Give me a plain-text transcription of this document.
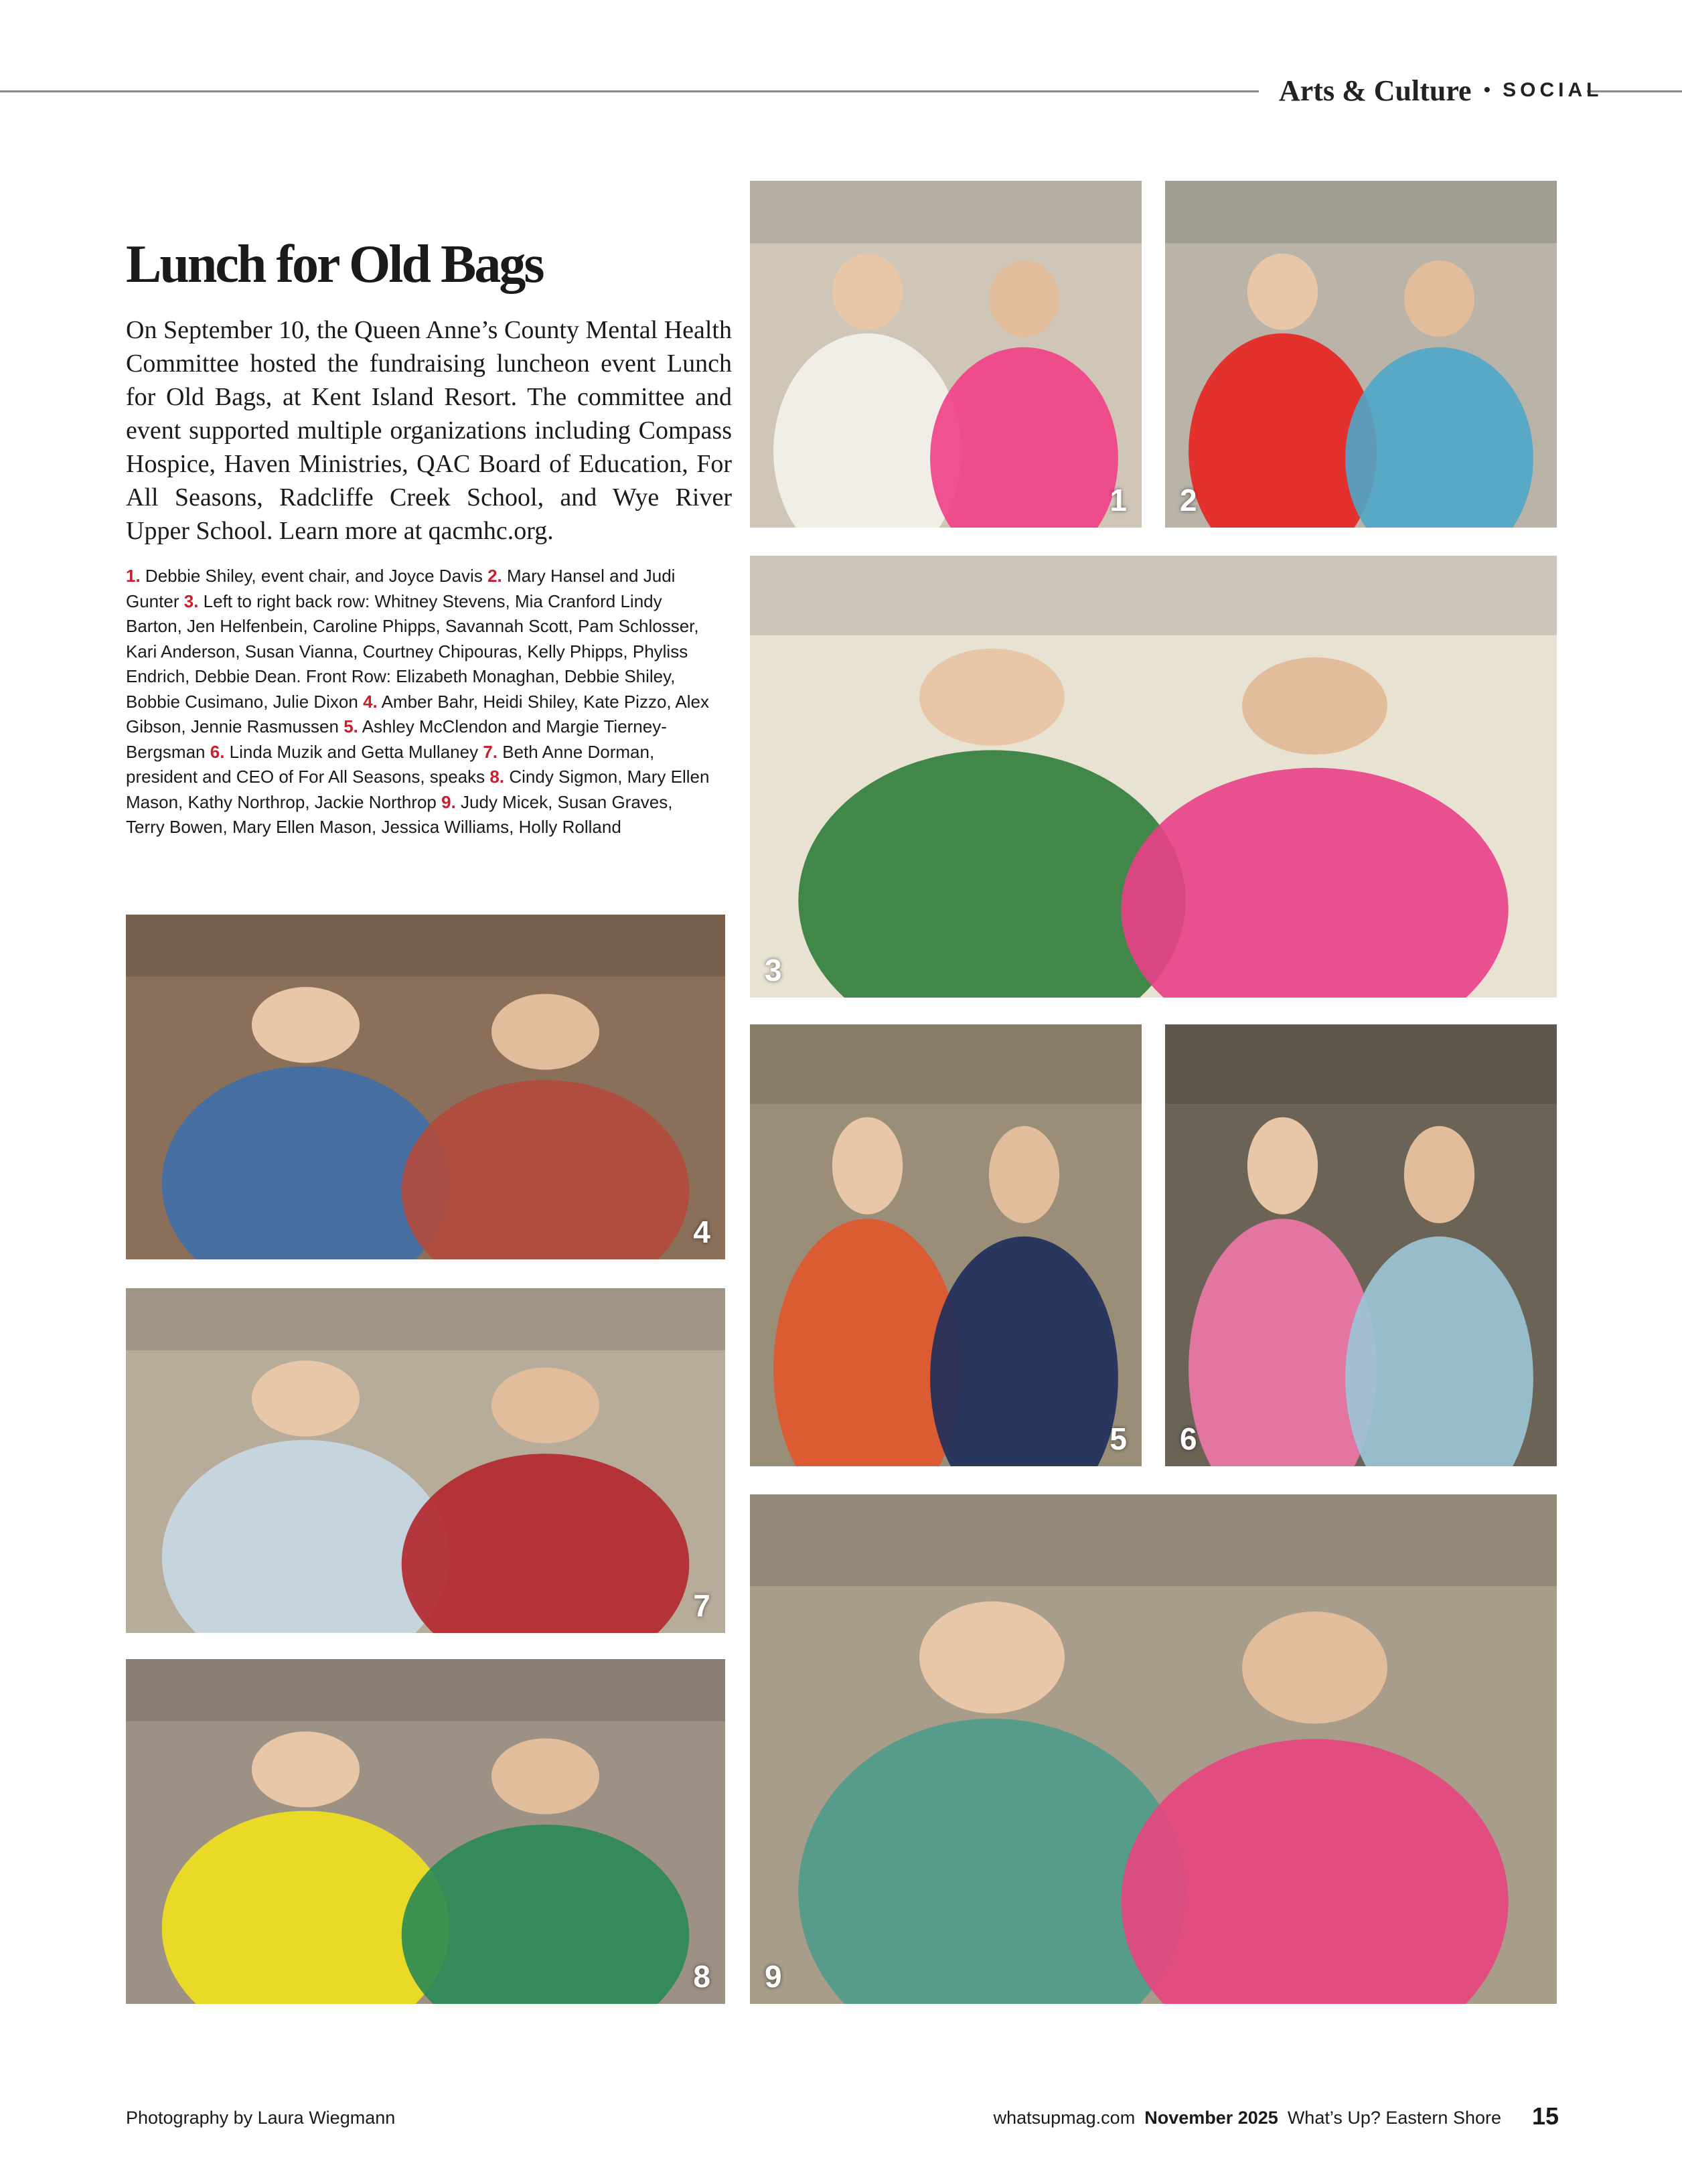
Arts & Culture • SOCIAL
Lunch for Old Bags

On September 10, the Queen Anne’s County Mental Health Committee hosted the fundraising luncheon event Lunch for Old Bags, at Kent Island Resort. The committee and event supported multiple organizations including Compass Hospice, Haven Ministries, QAC Board of Education, For All Seasons, Radcliffe Creek School, and Wye River Upper School. Learn more at qacmhc.org.

1. Debbie Shiley, event chair, and Joyce Davis 2. Mary Hansel and Judi Gunter 3. Left to right back row: Whitney Stevens, Mia Cranford Lindy Barton, Jen Helfenbein, Caroline Phipps, Savannah Scott, Pam Schlosser, Kari Anderson, Susan Vianna, Courtney Chipouras, Kelly Phipps, Phyliss Endrich, Debbie Dean. Front Row: Elizabeth Monaghan, Debbie Shiley, Bobbie Cusimano, Julie Dixon 4. Amber Bahr, Heidi Shiley, Kate Pizzo, Alex Gibson, Jennie Rasmussen 5. Ashley McClendon and Margie Tierney-Bergsman 6. Linda Muzik and Getta Mullaney 7. Beth Anne Dorman, president and CEO of For All Seasons, speaks 8. Cindy Sigmon, Mary Ellen Mason, Kathy Northrop, Jackie Northrop 9. Judy Micek, Susan Graves, Terry Bowen, Mary Ellen Mason, Jessica Williams, Holly Rolland

1 2
3
4
5 6
7
8 9
Photography by Laura Wiegmann	whatsupmag.com November 2025 What’s Up? Eastern Shore 15
